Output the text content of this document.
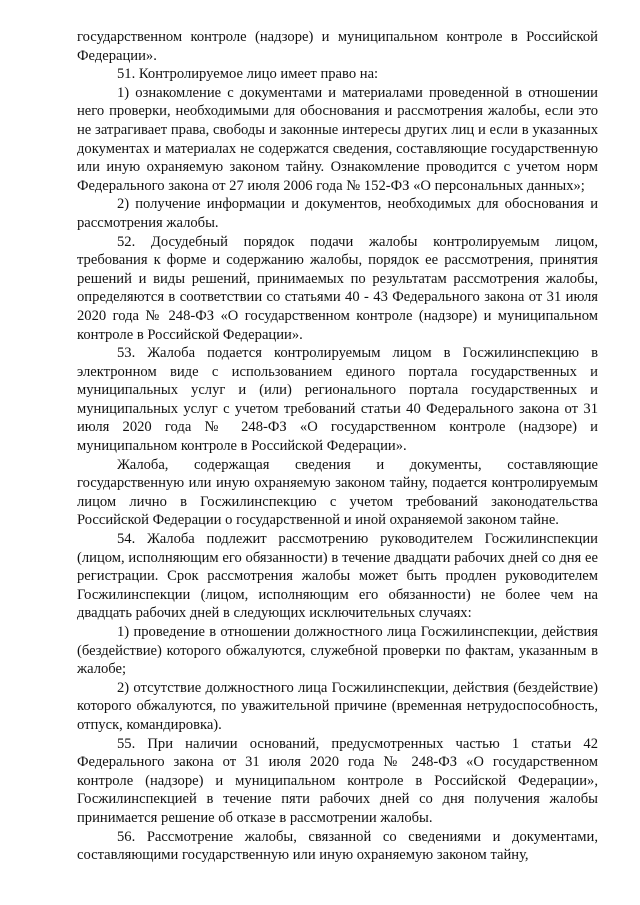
государственном контроле (надзоре) и муниципальном контроле в Российской Федерации».

51. Контролируемое лицо имеет право на:

1) ознакомление с документами и материалами проведенной в отношении него проверки, необходимыми для обоснования и рассмотрения жалобы, если это не затрагивает права, свободы и законные интересы других лиц и если в указанных документах и материалах не содержатся сведения, составляющие государственную или иную охраняемую законом тайну. Ознакомление проводится с учетом норм Федерального закона от 27 июля 2006 года № 152-ФЗ «О персональных данных»;

2) получение информации и документов, необходимых для обоснования и рассмотрения жалобы.

52. Досудебный порядок подачи жалобы контролируемым лицом, требования к форме и содержанию жалобы, порядок ее рассмотрения, принятия решений и виды решений, принимаемых по результатам рассмотрения жалобы, определяются в соответствии со статьями 40 - 43 Федерального закона от 31 июля 2020 года № 248-ФЗ «О государственном контроле (надзоре) и муниципальном контроле в Российской Федерации».

53. Жалоба подается контролируемым лицом в Госжилинспекцию в электронном виде с использованием единого портала государственных и муниципальных услуг и (или) регионального портала государственных и муниципальных услуг с учетом требований статьи 40 Федерального закона от 31 июля 2020 года № 248-ФЗ «О государственном контроле (надзоре) и муниципальном контроле в Российской Федерации».

Жалоба, содержащая сведения и документы, составляющие государственную или иную охраняемую законом тайну, подается контролируемым лицом лично в Госжилинспекцию с учетом требований законодательства Российской Федерации о государственной и иной охраняемой законом тайне.

54. Жалоба подлежит рассмотрению руководителем Госжилинспекции (лицом, исполняющим его обязанности) в течение двадцати рабочих дней со дня ее регистрации. Срок рассмотрения жалобы может быть продлен руководителем Госжилинспекции (лицом, исполняющим его обязанности) не более чем на двадцать рабочих дней в следующих исключительных случаях:

1) проведение в отношении должностного лица Госжилинспекции, действия (бездействие) которого обжалуются, служебной проверки по фактам, указанным в жалобе;

2) отсутствие должностного лица Госжилинспекции, действия (бездействие) которого обжалуются, по уважительной причине (временная нетрудоспособность, отпуск, командировка).

55. При наличии оснований, предусмотренных частью 1 статьи 42 Федерального закона от 31 июля 2020 года № 248-ФЗ «О государственном контроле (надзоре) и муниципальном контроле в Российской Федерации», Госжилинспекцией в течение пяти рабочих дней со дня получения жалобы принимается решение об отказе в рассмотрении жалобы.

56. Рассмотрение жалобы, связанной со сведениями и документами, составляющими государственную или иную охраняемую законом тайну,
